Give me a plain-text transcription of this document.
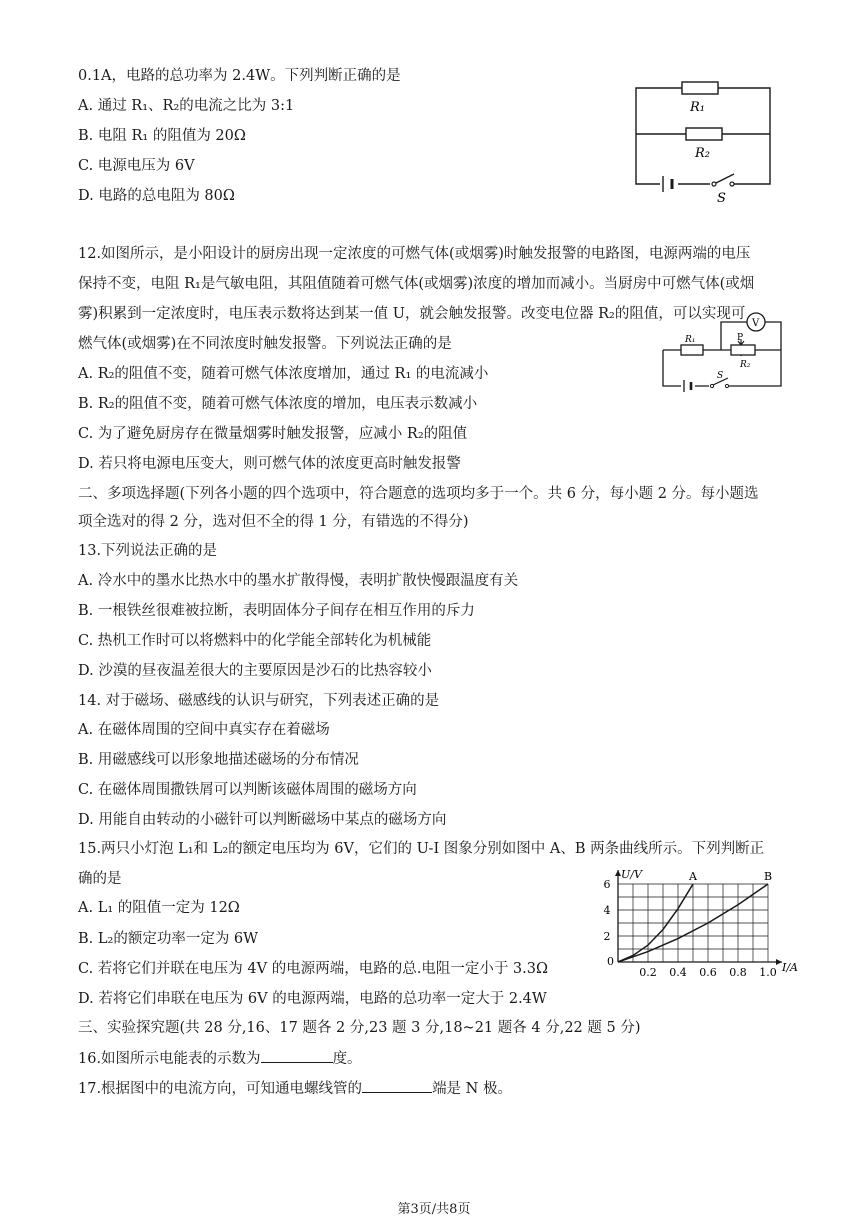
0.1A，电路的总功率为 2.4W。下列判断正确的是
A. 通过 R₁、R₂的电流之比为 3:1
B. 电阻 R₁ 的阻值为 20Ω
C. 电源电压为 6V
D. 电路的总电阻为 80Ω
R₁
R₂
S
12.如图所示，是小阳设计的厨房出现一定浓度的可燃气体(或烟雾)时触发报警的电路图，电源两端的电压
保持不变，电阻 R₁是气敏电阻，其阻值随着可燃气体(或烟雾)浓度的增加而减小。当厨房中可燃气体(或烟
雾)积累到一定浓度时，电压表示数将达到某一值 U，就会触发报警。改变电位器 R₂的阻值，可以实现可
燃气体(或烟雾)在不同浓度时触发报警。下列说法正确的是
A. R₂的阻值不变，随着可燃气体浓度增加，通过 R₁ 的电流减小
B. R₂的阻值不变，随着可燃气体浓度的增加，电压表示数减小
C. 为了避免厨房存在微量烟雾时触发报警，应减小 R₂的阻值
D. 若只将电源电压变大，则可燃气体的浓度更高时触发报警
V
R₁	P
R₂
S
二、多项选择题(下列各小题的四个选项中，符合题意的选项均多于一个。共 6 分，每小题 2 分。每小题选
项全选对的得 2 分，选对但不全的得 1 分，有错选的不得分)
13.下列说法正确的是
A. 冷水中的墨水比热水中的墨水扩散得慢，表明扩散快慢跟温度有关
B. 一根铁丝很难被拉断，表明固体分子间存在相互作用的斥力
C. 热机工作时可以将燃料中的化学能全部转化为机械能
D. 沙漠的昼夜温差很大的主要原因是沙石的比热容较小
14. 对于磁场、磁感线的认识与研究，下列表述正确的是
A. 在磁体周围的空间中真实存在着磁场
B. 用磁感线可以形象地描述磁场的分布情况
C. 在磁体周围撒铁屑可以判断该磁体周围的磁场方向
D. 用能自由转动的小磁针可以判断磁场中某点的磁场方向
15.两只小灯泡 L₁和 L₂的额定电压均为 6V，它们的 U-I 图象分别如图中 A、B 两条曲线所示。下列判断正
确的是
A. L₁ 的阻值一定为 12Ω
B. L₂的额定功率一定为 6W
C. 若将它们并联在电压为 4V 的电源两端，电路的总.电阻一定小于 3.3Ω
D. 若将它们串联在电压为 6V 的电源两端，电路的总功率一定大于 2.4W
U/V
I/A
0
0.2 0.4 0.6 0.8 1.0
2
4
6
A	B
三、实验探究题(共 28 分,16、17 题各 2 分,23 题 3 分,18~21 题各 4 分,22 题 5 分)
16.如图所示电能表的示数为	度。
17.根据图中的电流方向，可知通电螺线管的	端是 N 极。
第3页/共8页
